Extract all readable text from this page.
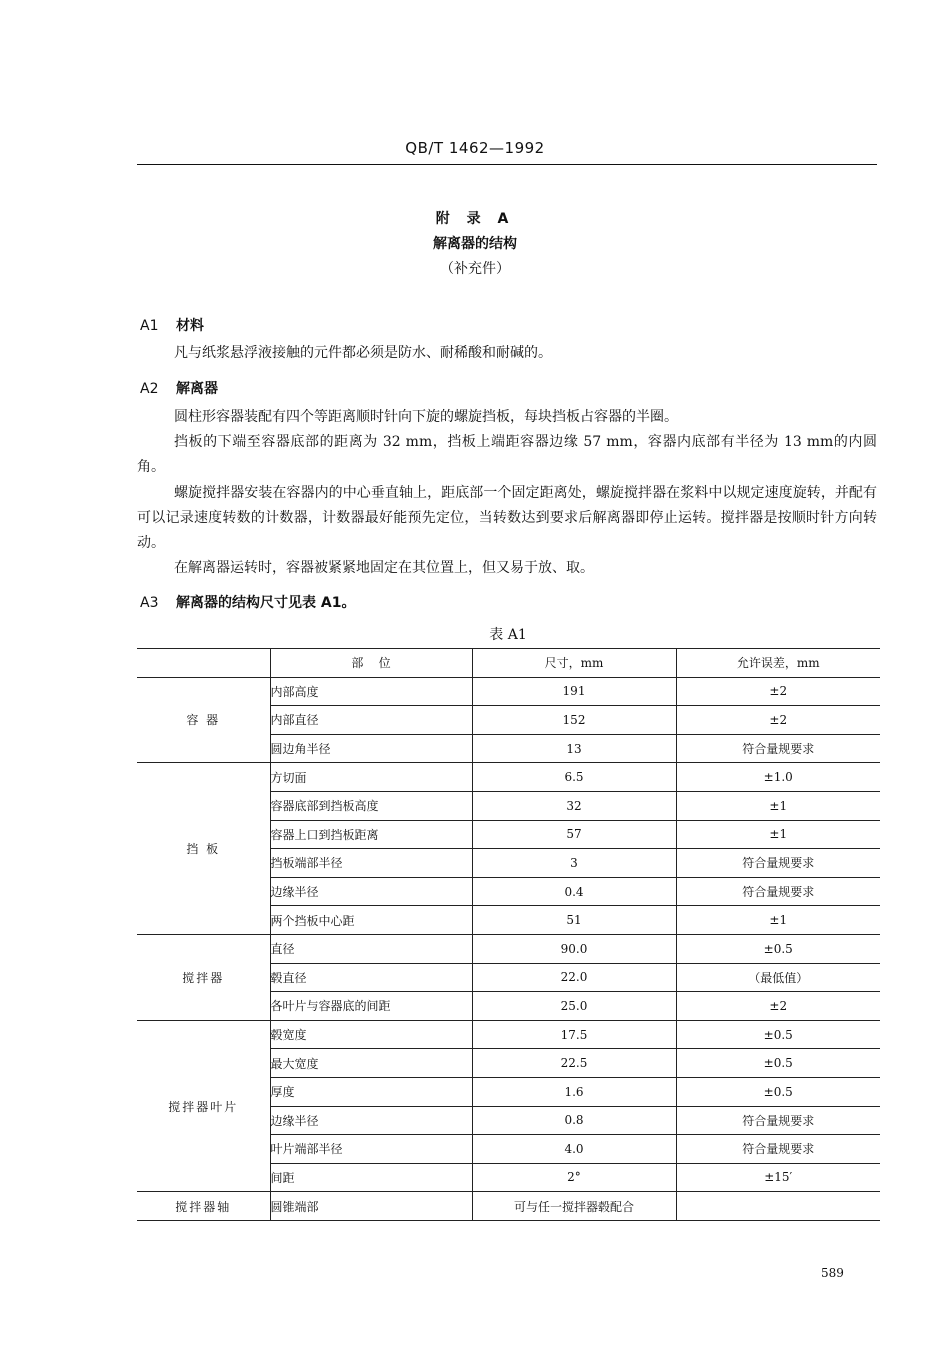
QB/T 1462—1992
附 录 A
解离器的结构
（补充件）
A1 材料
凡与纸浆悬浮液接触的元件都必须是防水、耐稀酸和耐碱的。
A2 解离器
圆柱形容器装配有四个等距离顺时针向下旋的螺旋挡板，每块挡板占容器的半圈。
挡板的下端至容器底部的距离为 32 mm，挡板上端距容器边缘 57 mm，容器内底部有半径为 13 mm的内圆角。
螺旋搅拌器安装在容器内的中心垂直轴上，距底部一个固定距离处，螺旋搅拌器在浆料中以规定速度旋转，并配有可以记录速度转数的计数器，计数器最好能预先定位，当转数达到要求后解离器即停止运转。搅拌器是按顺时针方向转动。
在解离器运转时，容器被紧紧地固定在其位置上，但又易于放、取。
A3 解离器的结构尺寸见表 A1。
表 A1
	部    位	尺寸，mm	允许误差，mm
容 器	内部高度	191	±2
	内部直径	152	±2
	圆边角半径	13	符合量规要求
挡 板	方切面	6.5	±1.0
	容器底部到挡板高度	32	±1
	容器上口到挡板距离	57	±1
	挡板端部半径	3	符合量规要求
	边缘半径	0.4	符合量规要求
	两个挡板中心距	51	±1
搅拌器	直径	90.0	±0.5
	毂直径	22.0	（最低值）
	各叶片与容器底的间距	25.0	±2
搅拌器叶片	毂宽度	17.5	±0.5
	最大宽度	22.5	±0.5
	厚度	1.6	±0.5
	边缘半径	0.8	符合量规要求
	叶片端部半径	4.0	符合量规要求
	间距	2°	±15′
搅拌器轴	圆锥端部	可与任一搅拌器毂配合	
589
